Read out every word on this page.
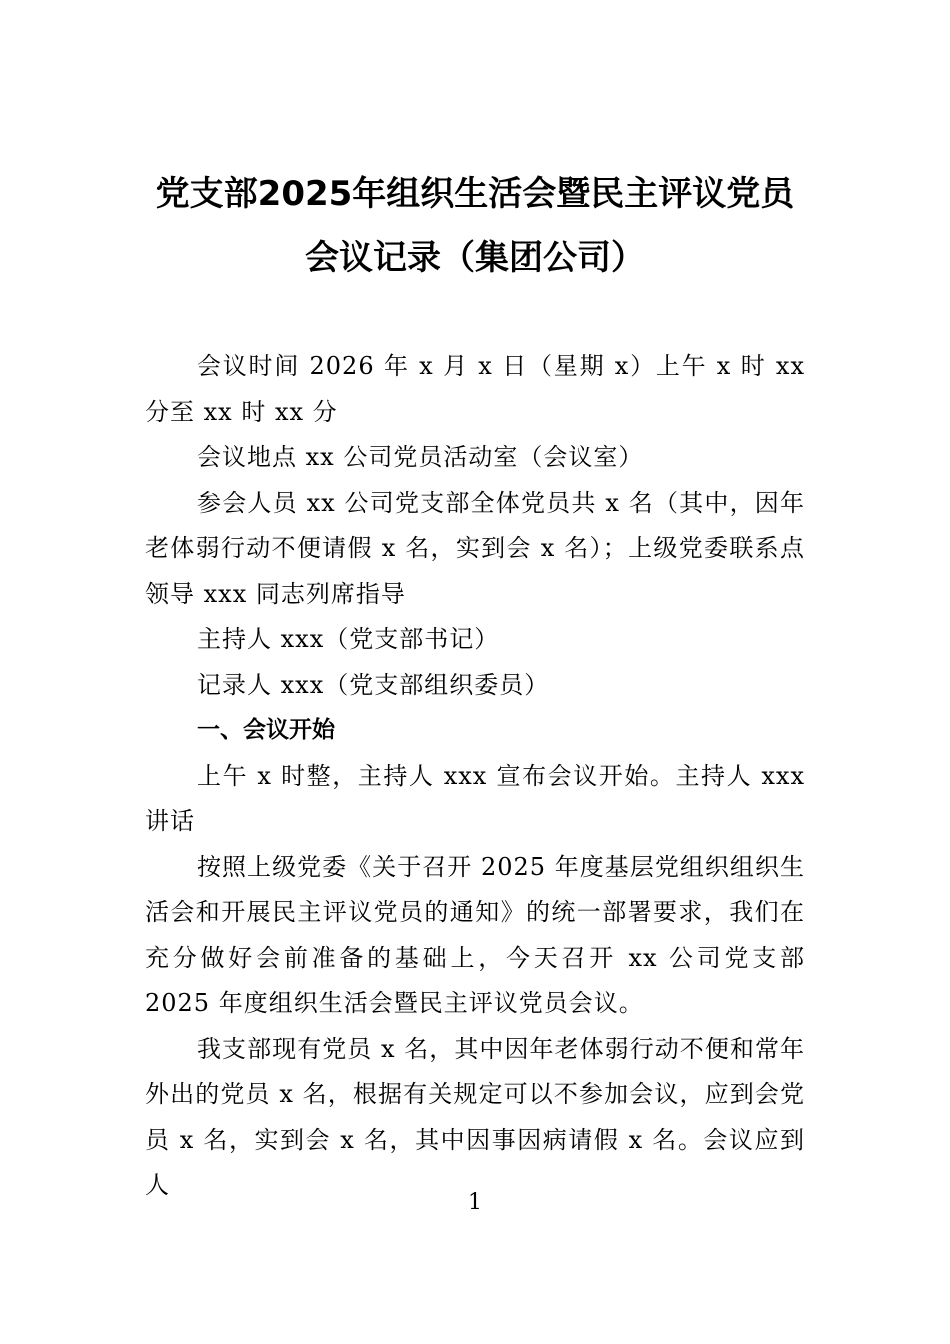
党支部2025年组织生活会暨民主评议党员
会议记录（集团公司）

会议时间 2026 年 x 月 x 日（星期 x）上午 x 时 xx 分至 xx 时 xx 分

会议地点 xx 公司党员活动室（会议室）

参会人员 xx 公司党支部全体党员共 x 名（其中，因年老体弱行动不便请假 x 名，实到会 x 名）；上级党委联系点领导 xxx 同志列席指导

主持人 xxx（党支部书记）

记录人 xxx（党支部组织委员）

一、会议开始

上午 x 时整，主持人 xxx 宣布会议开始。主持人 xxx 讲话

按照上级党委《关于召开 2025 年度基层党组织组织生活会和开展民主评议党员的通知》的统一部署要求，我们在充分做好会前准备的基础上，今天召开 xx 公司党支部 2025 年度组织生活会暨民主评议党员会议。

我支部现有党员 x 名，其中因年老体弱行动不便和常年外出的党员 x 名，根据有关规定可以不参加会议，应到会党员 x 名，实到会 x 名，其中因事因病请假 x 名。会议应到人

1
